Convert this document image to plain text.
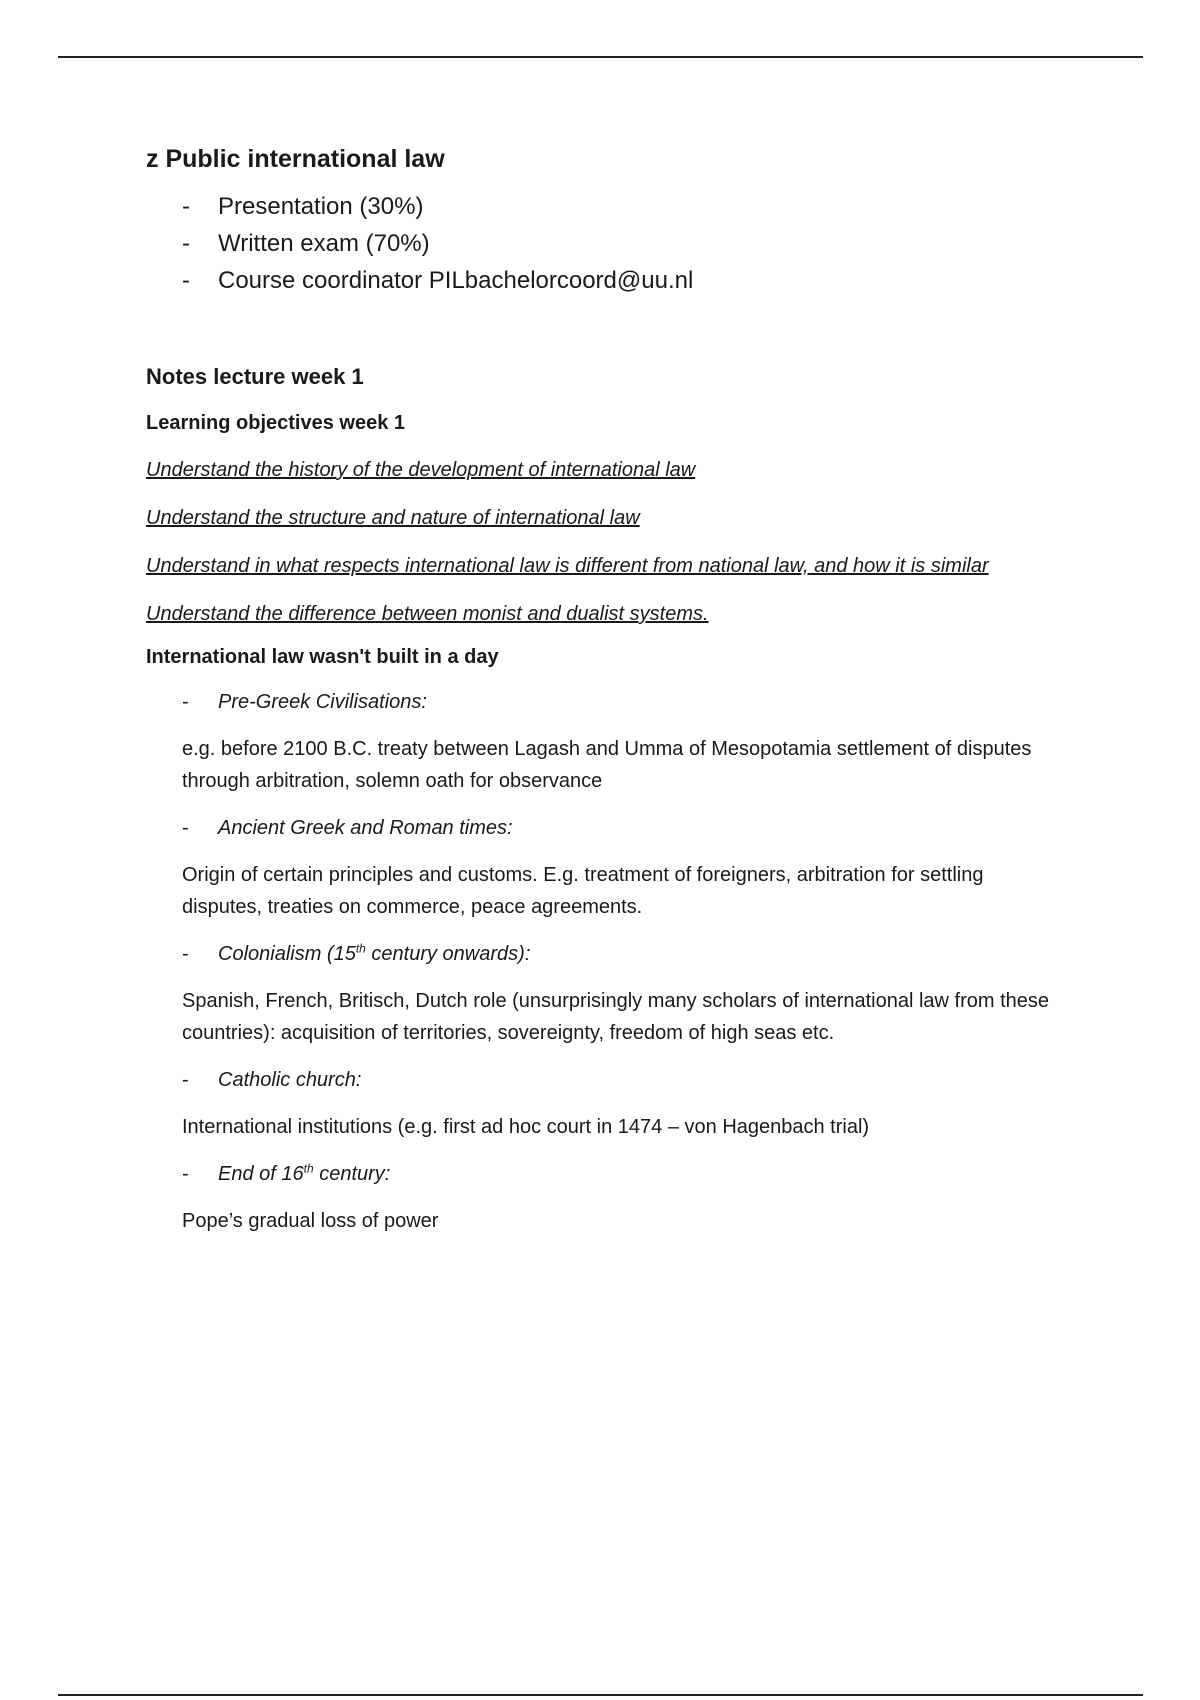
z Public international law
- Presentation (30%)
- Written exam (70%)
- Course coordinator PILbachelorcoord@uu.nl
Notes lecture week 1
Learning objectives week 1
Understand the history of the development of international law
Understand the structure and nature of international law
Understand in what respects international law is different from national law, and how it is similar
Understand the difference between monist and dualist systems.
International law wasn't built in a day
- Pre-Greek Civilisations:
e.g. before 2100 B.C. treaty between Lagash and Umma of Mesopotamia settlement of disputes through arbitration, solemn oath for observance
- Ancient Greek and Roman times:
Origin of certain principles and customs. E.g. treatment of foreigners, arbitration for settling disputes, treaties on commerce, peace agreements.
- Colonialism (15th century onwards):
Spanish, French, Britisch, Dutch role (unsurprisingly many scholars of international law from these countries): acquisition of territories, sovereignty, freedom of high seas etc.
- Catholic church:
International institutions (e.g. first ad hoc court in 1474 – von Hagenbach trial)
- End of 16th century:
Pope’s gradual loss of power
